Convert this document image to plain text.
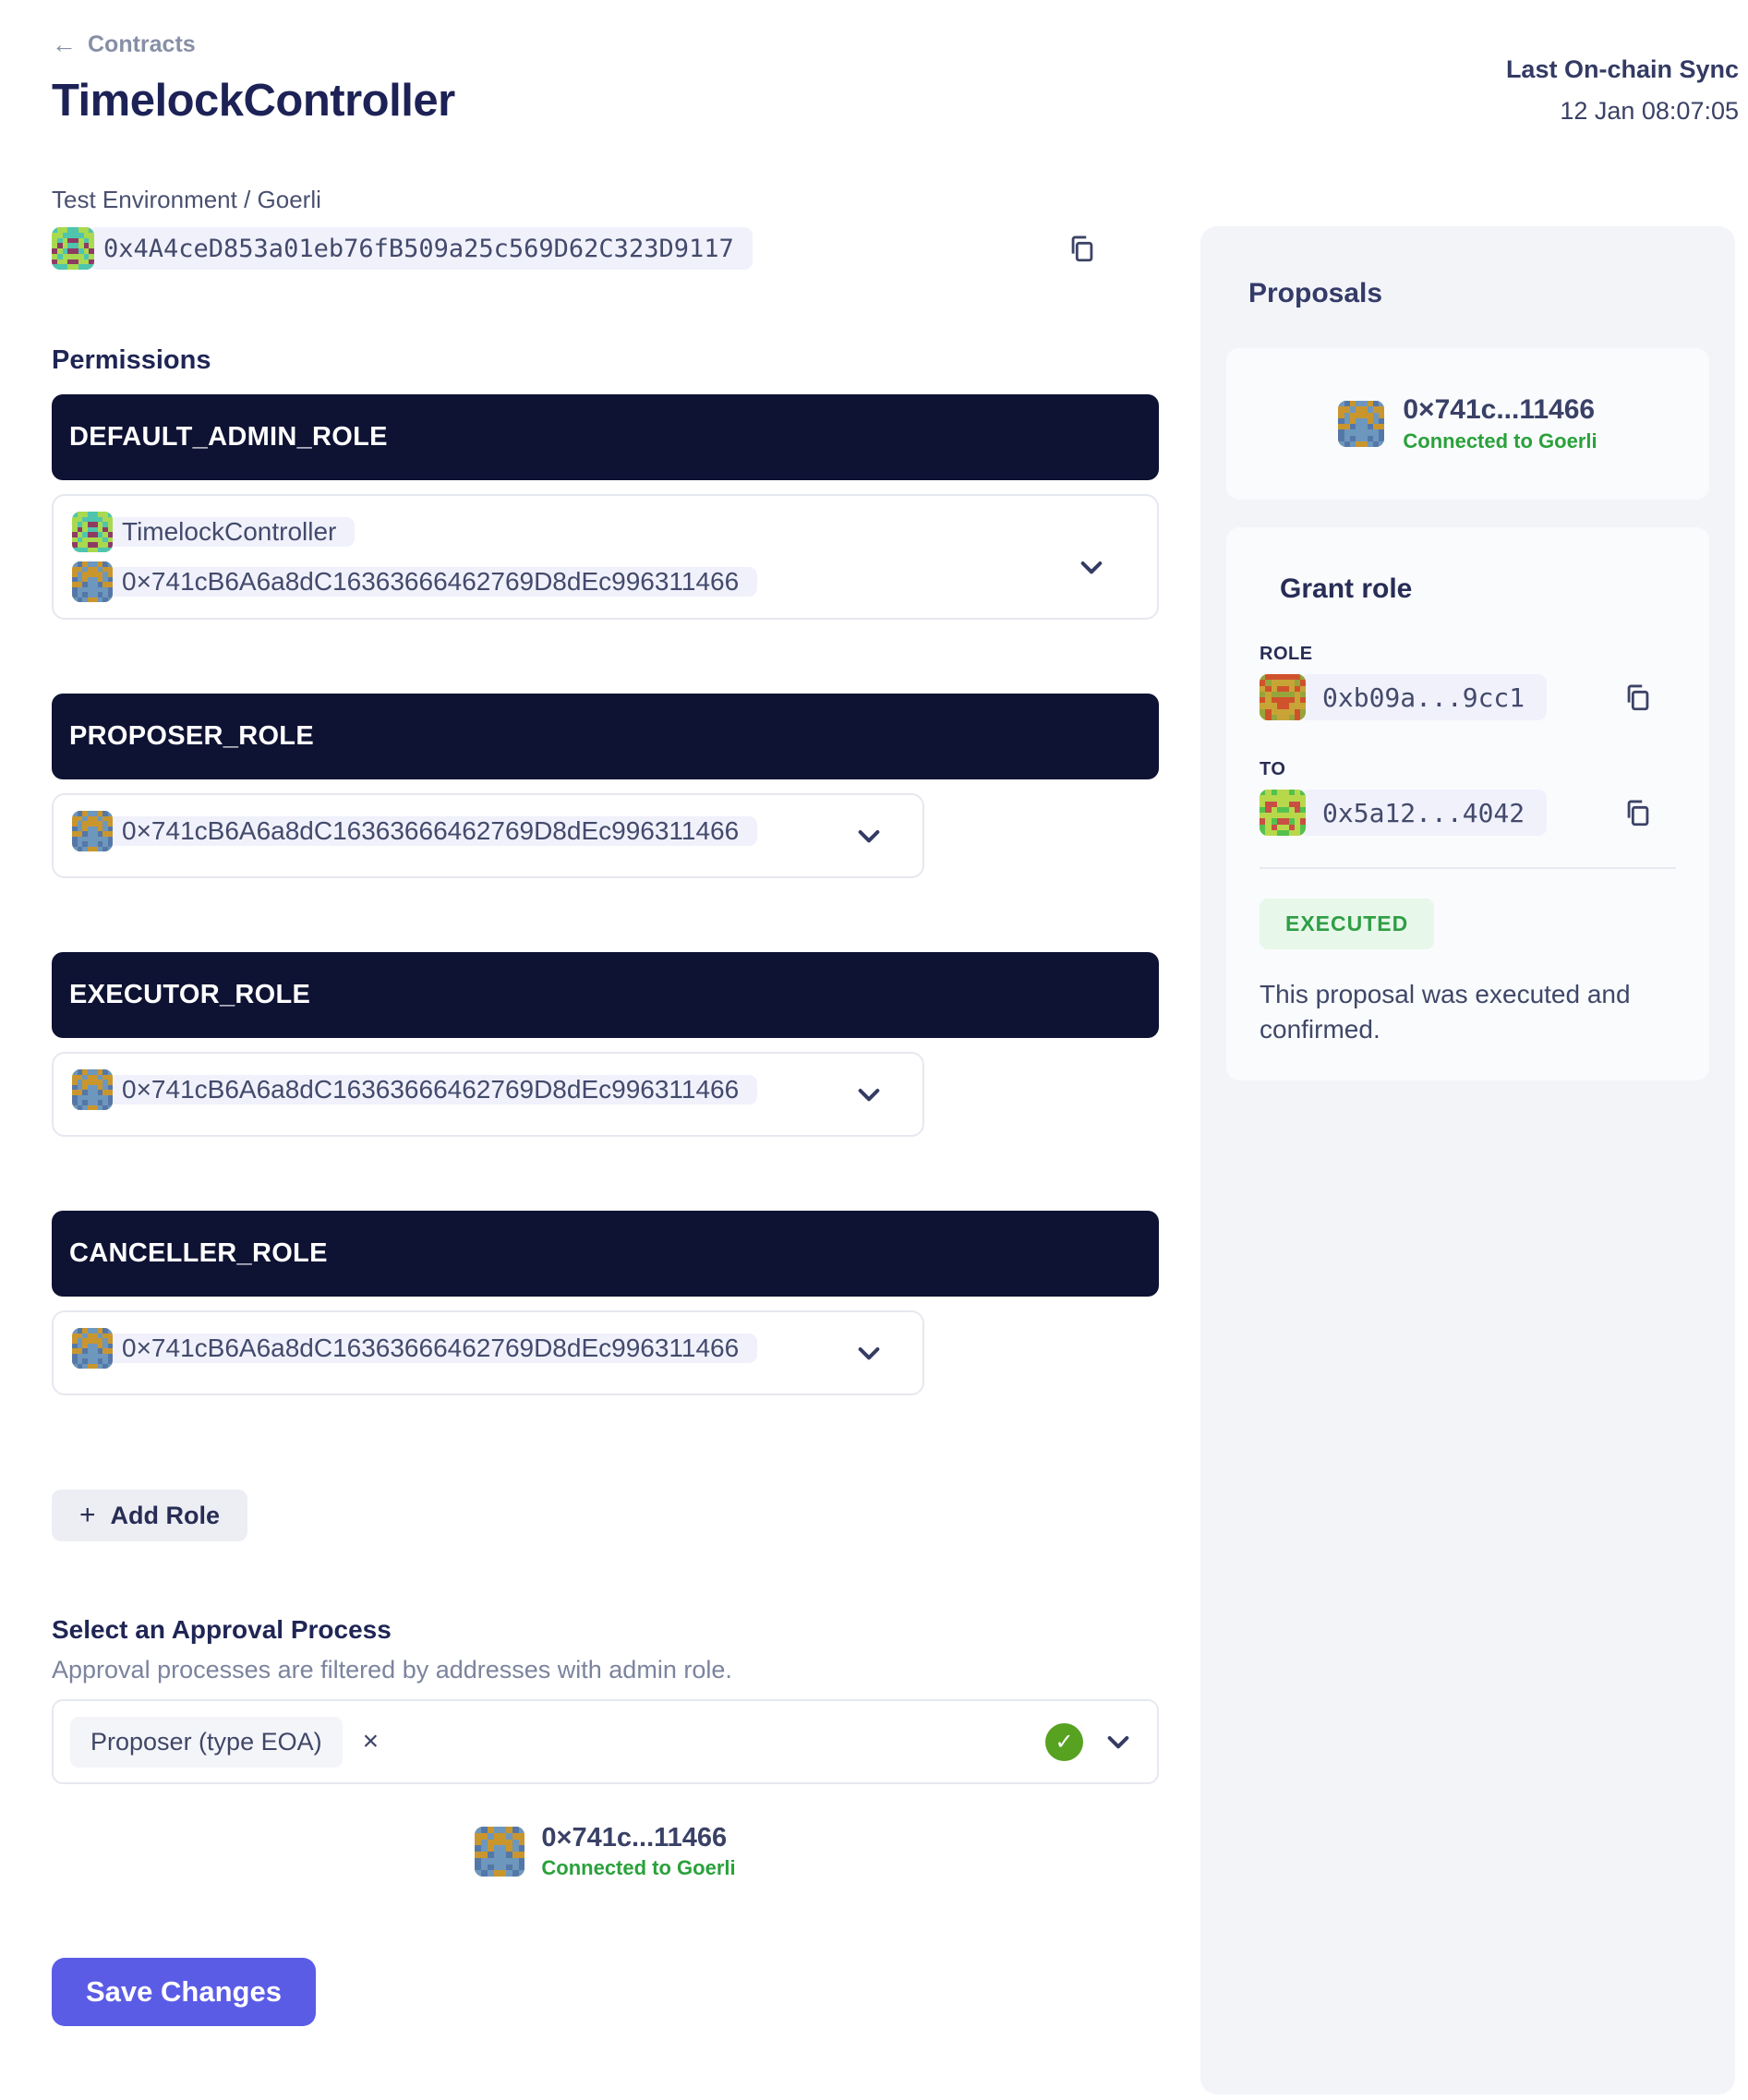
← Contracts
TimelockController
Test Environment / Goerli
0x4A4ceD853a01eb76fB509a25c569D62C323D9117
Permissions
DEFAULT_ADMIN_ROLE
TimelockController
0×741cB6A6a8dC16363666462769D8dEc996311466
PROPOSER_ROLE
0×741cB6A6a8dC16363666462769D8dEc996311466
EXECUTOR_ROLE
0×741cB6A6a8dC16363666462769D8dEc996311466
CANCELLER_ROLE
0×741cB6A6a8dC16363666462769D8dEc996311466
+ Add Role
Select an Approval Process
Approval processes are filtered by addresses with admin role.
Proposer (type EOA)	×	✓
0×741c...11466
Connected to Goerli
Save Changes
Last On-chain Sync
12 Jan 08:07:05
Proposals
0×741c...11466
Connected to Goerli
Grant role
ROLE
0xb09a...9cc1
TO
0x5a12...4042
EXECUTED
This proposal was executed and confirmed.
